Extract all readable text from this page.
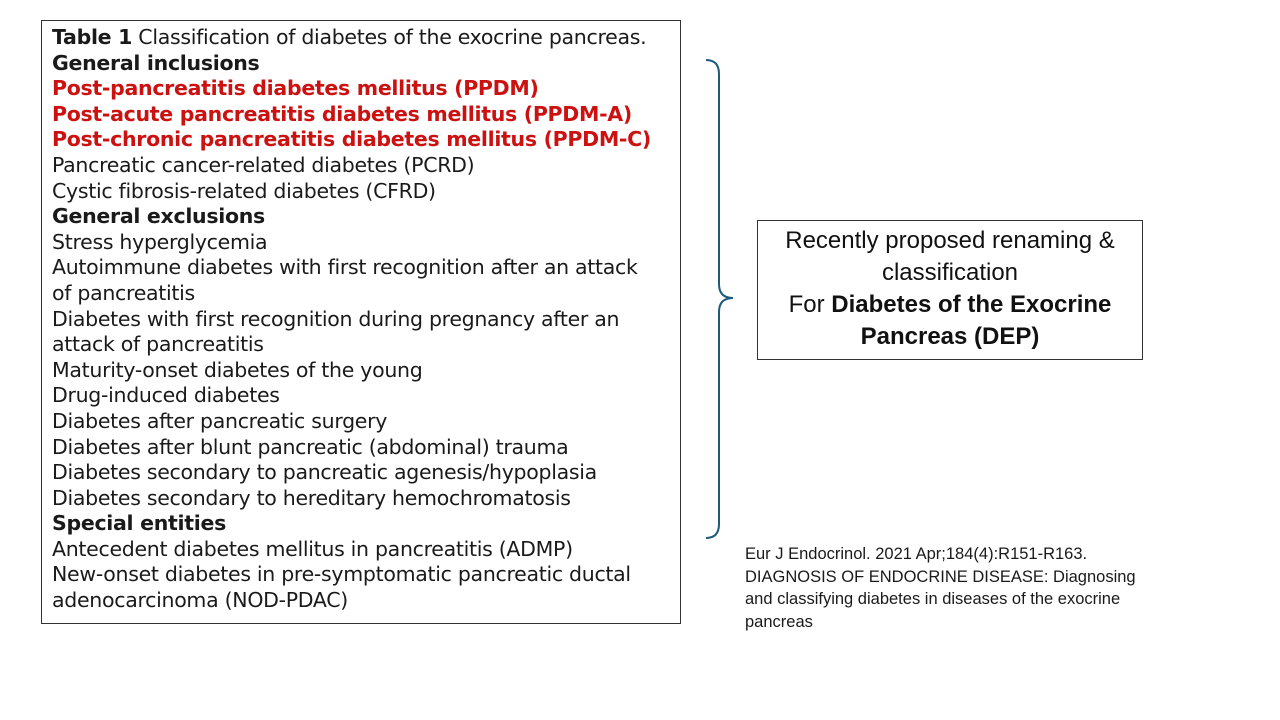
Table 1 Classification of diabetes of the exocrine pancreas.
General inclusions
Post-pancreatitis diabetes mellitus (PPDM)
Post-acute pancreatitis diabetes mellitus (PPDM-A)
Post-chronic pancreatitis diabetes mellitus (PPDM-C)
Pancreatic cancer-related diabetes (PCRD)
Cystic fibrosis-related diabetes (CFRD)
General exclusions
Stress hyperglycemia
Autoimmune diabetes with first recognition after an attack
of pancreatitis
Diabetes with first recognition during pregnancy after an
attack of pancreatitis
Maturity-onset diabetes of the young
Drug-induced diabetes
Diabetes after pancreatic surgery
Diabetes after blunt pancreatic (abdominal) trauma
Diabetes secondary to pancreatic agenesis/hypoplasia
Diabetes secondary to hereditary hemochromatosis
Special entities
Antecedent diabetes mellitus in pancreatitis (ADMP)
New-onset diabetes in pre-symptomatic pancreatic ductal
adenocarcinoma (NOD-PDAC)
Recently proposed renaming &
classification
For Diabetes of the Exocrine
Pancreas (DEP)
Eur J Endocrinol. 2021 Apr;184(4):R151-R163.
DIAGNOSIS OF ENDOCRINE DISEASE: Diagnosing
and classifying diabetes in diseases of the exocrine
pancreas
